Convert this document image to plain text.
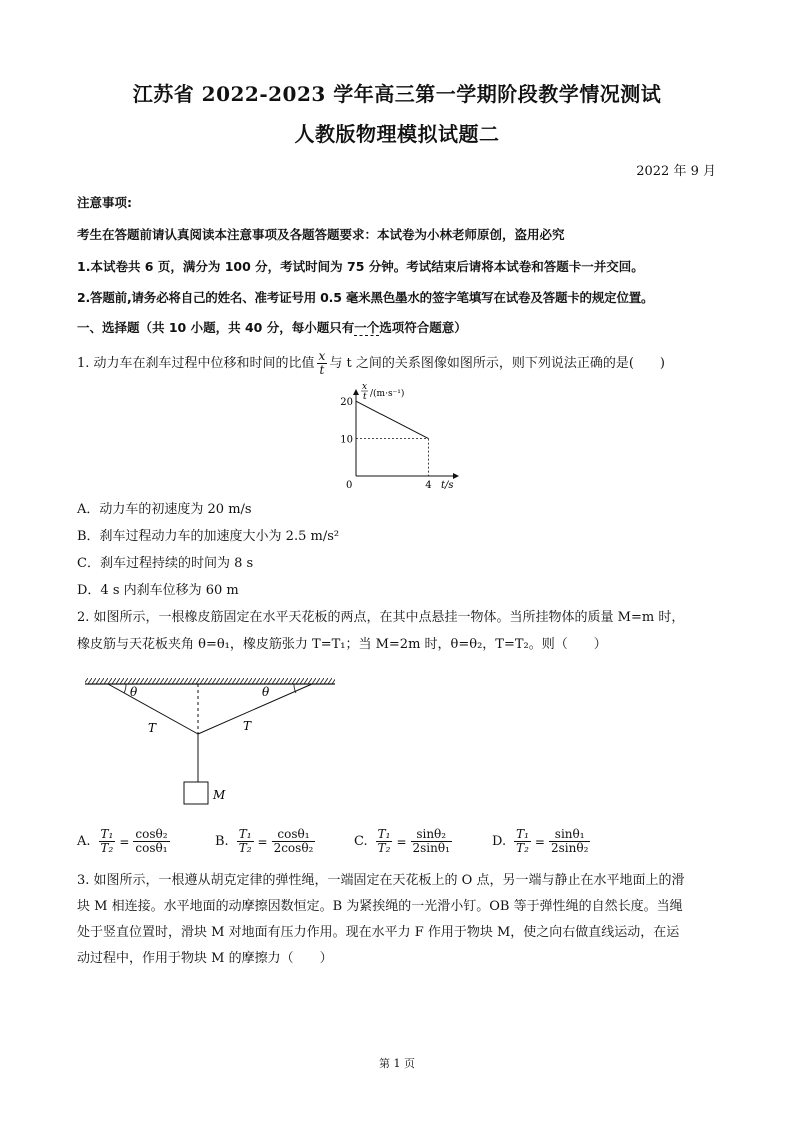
江苏省 2022-2023 学年高三第一学期阶段教学情况测试
人教版物理模拟试题二
2022 年 9 月
注意事项:
考生在答题前请认真阅读本注意事项及各题答题要求：本试卷为小林老师原创，盗用必究
1.本试卷共 6 页，满分为 100 分，考试时间为 75 分钟。考试结束后请将本试卷和答题卡一并交回。
2.答题前,请务必将自己的姓名、准考证号用 0.5 毫米黑色墨水的签字笔填写在试卷及答题卡的规定位置。
一、选择题（共 10 小题，共 40 分，每小题只有一个选项符合题意）
1. 动力车在刹车过程中位移和时间的比值 $\frac{x}{t}$ 与 t 之间的关系图像如图所示，则下列说法正确的是(　　)
10
20
4
x
t /(m·s⁻¹)
t/s
0
A．动力车的初速度为 20 m/s
B．刹车过程动力车的加速度大小为 2.5 m/s²
C．刹车过程持续的时间为 8 s
D．4 s 内刹车位移为 60 m
2. 如图所示，一根橡皮筋固定在水平天花板的两点，在其中点悬挂一物体。当所挂物体的质量 M=m 时，
橡皮筋与天花板夹角 θ=θ₁，橡皮筋张力 T=T₁；当 M=2m 时，θ=θ₂，T=T₂。则（　　）
θ	θ
T	T
M
A. $\frac{\text{T₁}}{\text{T₂}} = \frac{\text{cosθ₂}}{\text{cosθ₁}}$	B. $\frac{\text{T₁}}{\text{T₂}} = \frac{\text{cosθ₁}}{\text{2cosθ₂}}$	C. $\frac{\text{T₁}}{\text{T₂}} = \frac{\text{sinθ₂}}{\text{2sinθ₁}}$	D. $\frac{\text{T₁}}{\text{T₂}} = \frac{\text{sinθ₁}}{\text{2sinθ₂}}$
3. 如图所示，一根遵从胡克定律的弹性绳，一端固定在天花板上的 O 点，另一端与静止在水平地面上的滑
块 M 相连接。水平地面的动摩擦因数恒定。B 为紧挨绳的一光滑小钉。OB 等于弹性绳的自然长度。当绳
处于竖直位置时，滑块 M 对地面有压力作用。现在水平力 F 作用于物块 M，使之向右做直线运动，在运
动过程中，作用于物块 M 的摩擦力（　　）
第 1 页
